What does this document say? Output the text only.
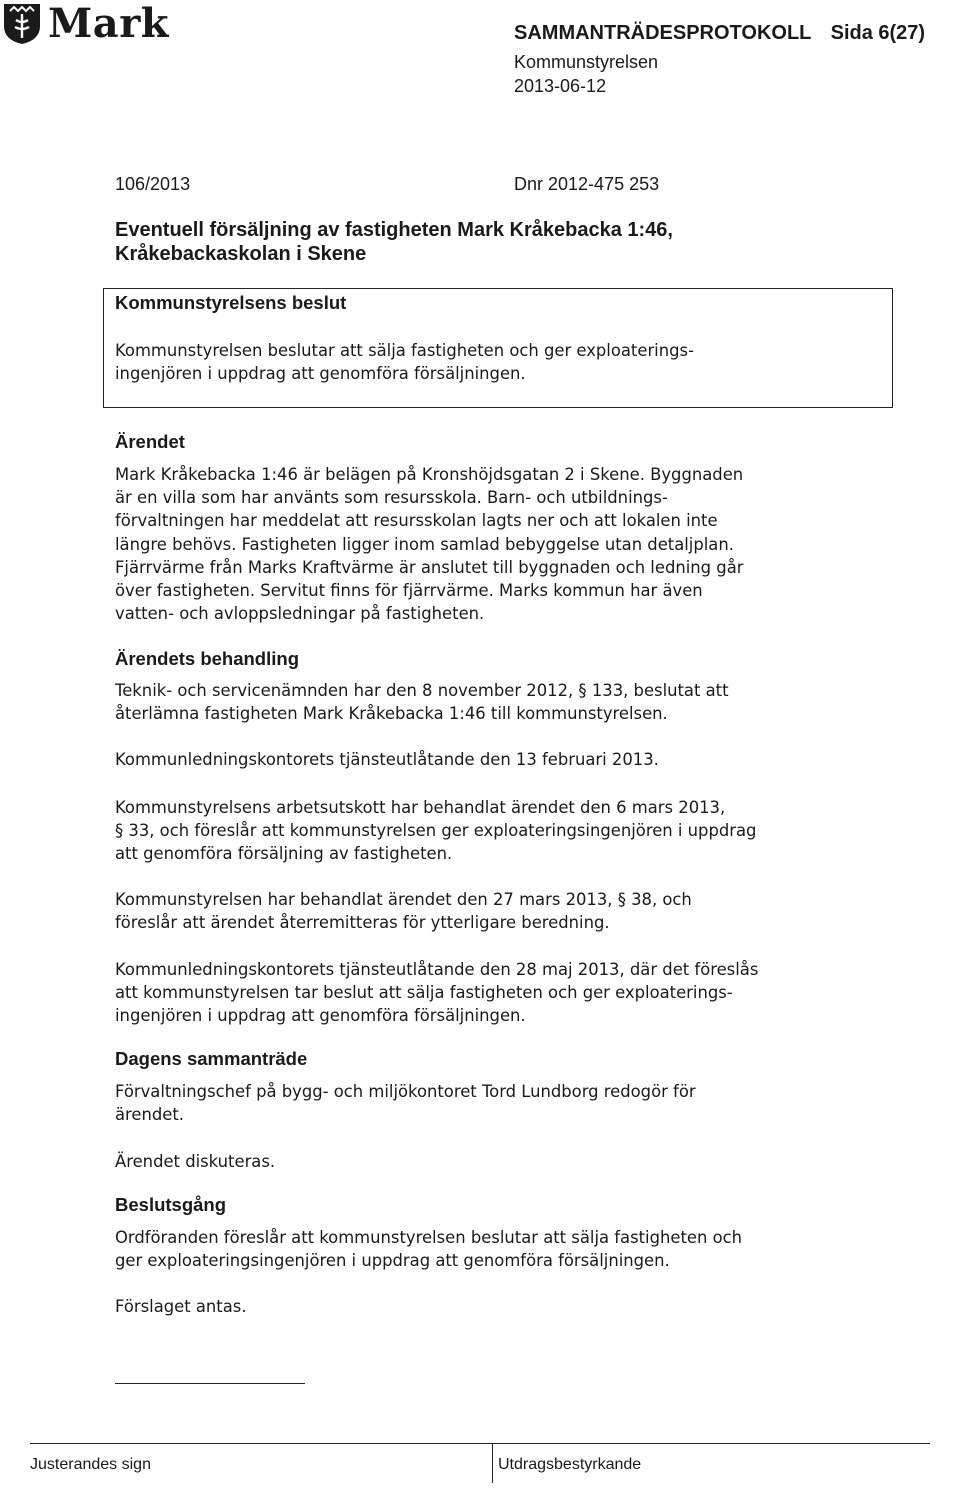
Mark	SAMMANTRÄDESPROTOKOLL Sida 6(27)
Kommunstyrelsen
2013-06-12
106/2013	Dnr 2012-475 253
Eventuell försäljning av fastigheten Mark Kråkebacka 1:46,
Kråkebackaskolan i Skene
Kommunstyrelsens beslut
Kommunstyrelsen beslutar att sälja fastigheten och ger exploaterings-
ingenjören i uppdrag att genomföra försäljningen.
Ärendet
Mark Kråkebacka 1:46 är belägen på Kronshöjdsgatan 2 i Skene. Byggnaden
är en villa som har använts som resursskola. Barn- och utbildnings-
förvaltningen har meddelat att resursskolan lagts ner och att lokalen inte
längre behövs. Fastigheten ligger inom samlad bebyggelse utan detaljplan.
Fjärrvärme från Marks Kraftvärme är anslutet till byggnaden och ledning går
över fastigheten. Servitut finns för fjärrvärme. Marks kommun har även
vatten- och avloppsledningar på fastigheten.
Ärendets behandling
Teknik- och servicenämnden har den 8 november 2012, § 133, beslutat att
återlämna fastigheten Mark Kråkebacka 1:46 till kommunstyrelsen.
Kommunledningskontorets tjänsteutlåtande den 13 februari 2013.
Kommunstyrelsens arbetsutskott har behandlat ärendet den 6 mars 2013,
§ 33, och föreslår att kommunstyrelsen ger exploateringsingenjören i uppdrag
att genomföra försäljning av fastigheten.
Kommunstyrelsen har behandlat ärendet den 27 mars 2013, § 38, och
föreslår att ärendet återremitteras för ytterligare beredning.
Kommunledningskontorets tjänsteutlåtande den 28 maj 2013, där det föreslås
att kommunstyrelsen tar beslut att sälja fastigheten och ger exploaterings-
ingenjören i uppdrag att genomföra försäljningen.
Dagens sammanträde
Förvaltningschef på bygg- och miljökontoret Tord Lundborg redogör för
ärendet.
Ärendet diskuteras.
Beslutsgång
Ordföranden föreslår att kommunstyrelsen beslutar att sälja fastigheten och
ger exploateringsingenjören i uppdrag att genomföra försäljningen.
Förslaget antas.
Justerandes sign	Utdragsbestyrkande
